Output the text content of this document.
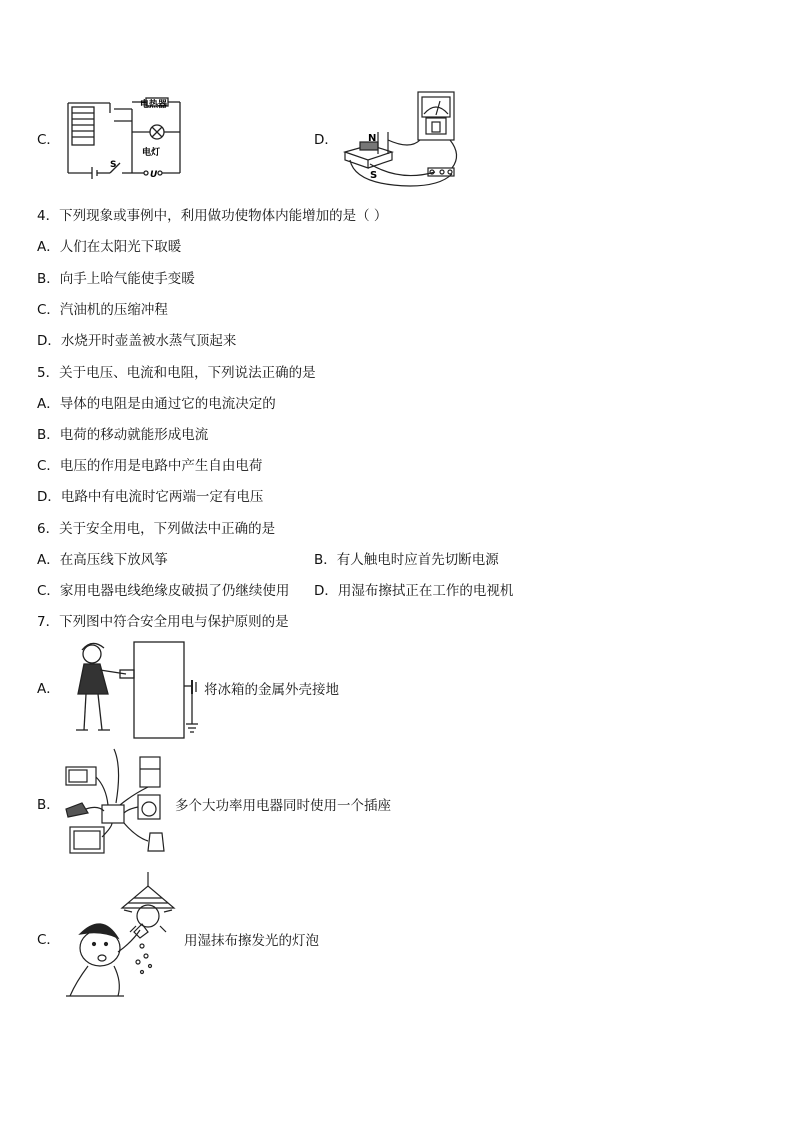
C．
电热器
电灯
S
U
D．	N
S
4．下列现象或事例中，利用做功使物体内能增加的是（ ）
A．人们在太阳光下取暖
B．向手上哈气能使手变暖
C．汽油机的压缩冲程
D．水烧开时壶盖被水蒸气顶起来
5．关于电压、电流和电阻，下列说法正确的是
A．导体的电阻是由通过它的电流决定的
B．电荷的移动就能形成电流
C．电压的作用是电路中产生自由电荷
D．电路中有电流时它两端一定有电压
6．关于安全用电，下列做法中正确的是
A．在高压线下放风筝	B．有人触电时应首先切断电源
C．家用电器电线绝缘皮破损了仍继续使用 D．用湿布擦拭正在工作的电视机
7．下列图中符合安全用电与保护原则的是
A．	将冰箱的金属外壳接地
B．	多个大功率用电器同时使用一个插座
C．	用湿抹布擦发光的灯泡
